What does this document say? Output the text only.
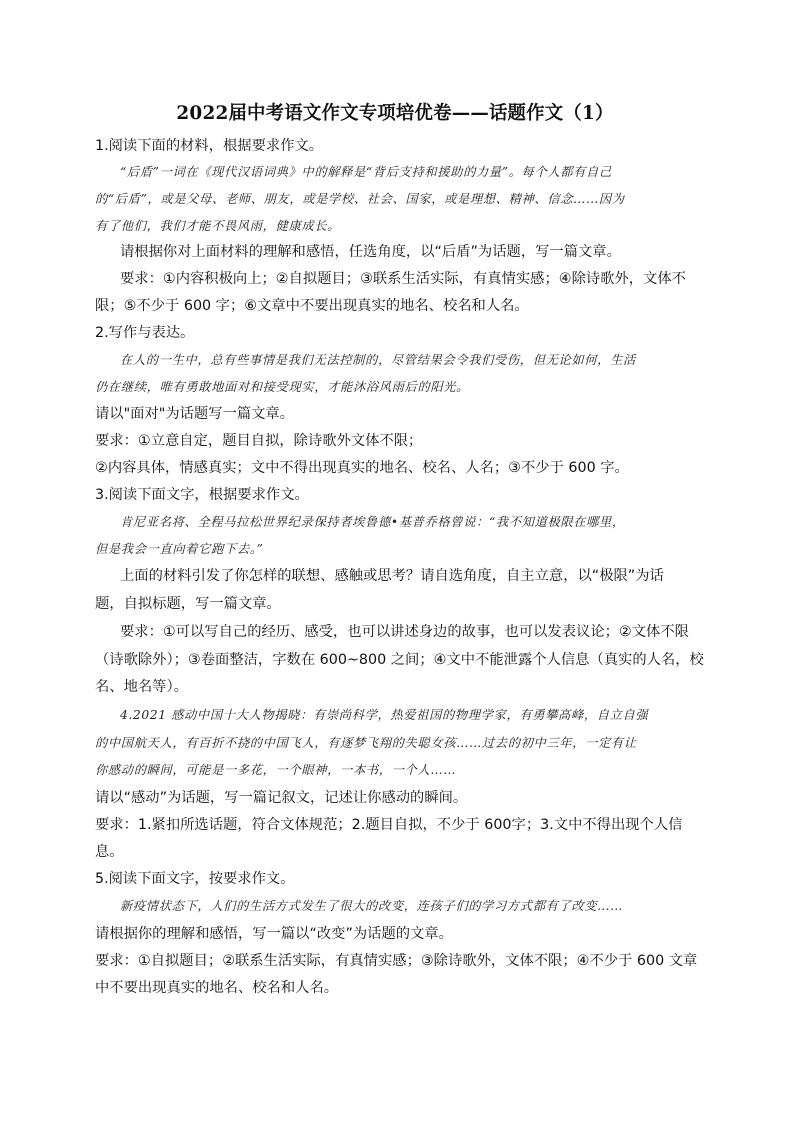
2022届中考语文作文专项培优卷——话题作文（1）
1.阅读下面的材料，根据要求作文。
“后盾”一词在《现代汉语词典》中的解释是“背后支持和援助的力量”。每个人都有自己
的“后盾”，或是父母、老师、朋友，或是学校、社会、国家，或是理想、精神、信念……因为
有了他们，我们才能不畏风雨，健康成长。
请根据你对上面材料的理解和感悟，任选角度，以“后盾”为话题，写一篇文章。
要求：①内容积极向上；②自拟题目；③联系生活实际，有真情实感；④除诗歌外，文体不
限；⑤不少于 600 字；⑥文章中不要出现真实的地名、校名和人名。
2.写作与表达。
在人的一生中，总有些事情是我们无法控制的，尽管结果会令我们受伤，但无论如何，生活
仍在继续，唯有勇敢地面对和接受现实，才能沐浴风雨后的阳光。
请以"面对"为话题写一篇文章。
要求：①立意自定，题目自拟，除诗歌外文体不限；
②内容具体，情感真实；文中不得出现真实的地名、校名、人名；③不少于 600 字。
3.阅读下面文字，根据要求作文。
肯尼亚名将、全程马拉松世界纪录保持者埃鲁德•基普乔格曾说：“我不知道极限在哪里，
但是我会一直向着它跑下去。”
上面的材料引发了你怎样的联想、感触或思考？请自选角度，自主立意，以“极限”为话
题，自拟标题，写一篇文章。
要求：①可以写自己的经历、感受，也可以讲述身边的故事，也可以发表议论；②文体不限
（诗歌除外）；③卷面整洁，字数在 600~800 之间；④文中不能泄露个人信息（真实的人名，校
名、地名等）。
4.2021 感动中国十大人物揭晓：有崇尚科学，热爱祖国的物理学家，有勇攀高峰，自立自强
的中国航天人，有百折不挠的中国飞人，有逐梦飞翔的失聪女孩……过去的初中三年，一定有让
你感动的瞬间，可能是一多花，一个眼神，一本书，一个人……
请以“感动”为话题，写一篇记叙文，记述让你感动的瞬间。
要求：1.紧扣所选话题，符合文体规范；2.题目自拟，不少于 600字；3.文中不得出现个人信
息。
5.阅读下面文字，按要求作文。
新疫情状态下，人们的生活方式发生了很大的改变，连孩子们的学习方式都有了改变……
请根据你的理解和感悟，写一篇以“改变”为话题的文章。
要求：①自拟题目；②联系生活实际，有真情实感；③除诗歌外，文体不限；④不少于 600 文章
中不要出现真实的地名、校名和人名。
